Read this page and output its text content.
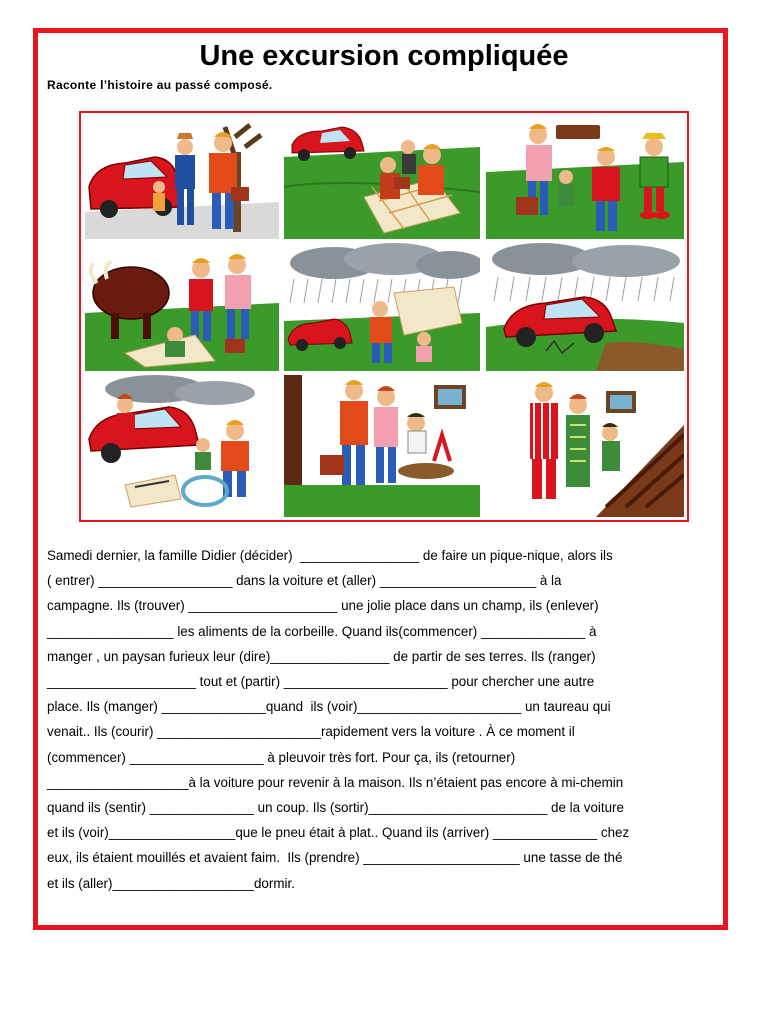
Une excursion compliquée
Raconte l’histoire au passé composé.
Samedi dernier, la famille Didier (décider)  ________________ de faire un pique-nique, alors ils
( entrer) __________________ dans la voiture et (aller) _____________________ à la
campagne. Ils (trouver) ____________________ une jolie place dans un champ, ils (enlever)
_________________ les aliments de la corbeille. Quand ils(commencer) ______________ à
manger , un paysan furieux leur (dire)________________ de partir de ses terres. Ils (ranger)
____________________ tout et (partir) ______________________ pour chercher une autre
place. Ils (manger) ______________quand  ils (voir)______________________ un taureau qui
venait.. Ils (courir) ______________________rapidement vers la voiture . À ce moment il
(commencer) __________________ à pleuvoir très fort. Pour ça, ils (retourner)
___________________à la voiture pour revenir à la maison. Ils n’étaient pas encore à mi-chemin
quand ils (sentir) ______________ un coup. Ils (sortir)________________________ de la voiture
et ils (voir)_________________que le pneu était à plat.. Quand ils (arriver) ______________ chez
eux, ils étaient mouillés et avaient faim.  Ils (prendre) _____________________ une tasse de thé
et ils (aller)___________________dormir.
